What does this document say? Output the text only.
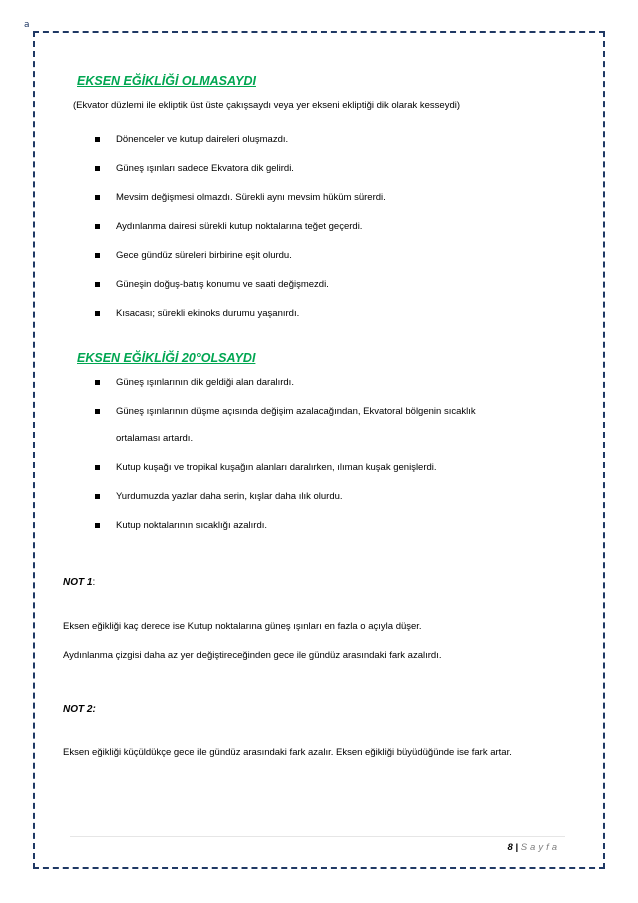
a
EKSEN EĞİKLİĞİ OLMASAYDI
(Ekvator düzlemi ile ekliptik üst üste çakışsaydı veya yer ekseni ekliptiği dik olarak kesseydi)
Dönenceler ve kutup daireleri oluşmazdı.
Güneş ışınları sadece Ekvatora dik gelirdi.
Mevsim değişmesi olmazdı. Sürekli aynı mevsim hüküm sürerdi.
Aydınlanma dairesi sürekli kutup noktalarına teğet geçerdi.
Gece gündüz süreleri birbirine eşit olurdu.
Güneşin doğuş-batış konumu ve saati değişmezdi.
Kısacası; sürekli ekinoks durumu yaşanırdı.
EKSEN EĞİKLİĞİ 20°OLSAYDI
Güneş ışınlarının dik geldiği alan daralırdı.
Güneş ışınlarının düşme açısında değişim azalacağından, Ekvatoral bölgenin sıcaklık
ortalaması artardı.
Kutup kuşağı ve tropikal kuşağın alanları daralırken, ılıman kuşak genişlerdi.
Yurdumuzda yazlar daha serin, kışlar daha ılık olurdu.
Kutup noktalarının sıcaklığı azalırdı.
NOT 1:
Eksen eğikliği kaç derece ise Kutup noktalarına güneş ışınları en fazla o açıyla düşer.
Aydınlanma çizgisi daha az yer değiştireceğinden gece ile gündüz arasındaki fark azalırdı.
NOT 2:
Eksen eğikliği küçüldükçe gece ile gündüz arasındaki fark azalır. Eksen eğikliği büyüdüğünde ise fark artar.
8 | Sayfa
